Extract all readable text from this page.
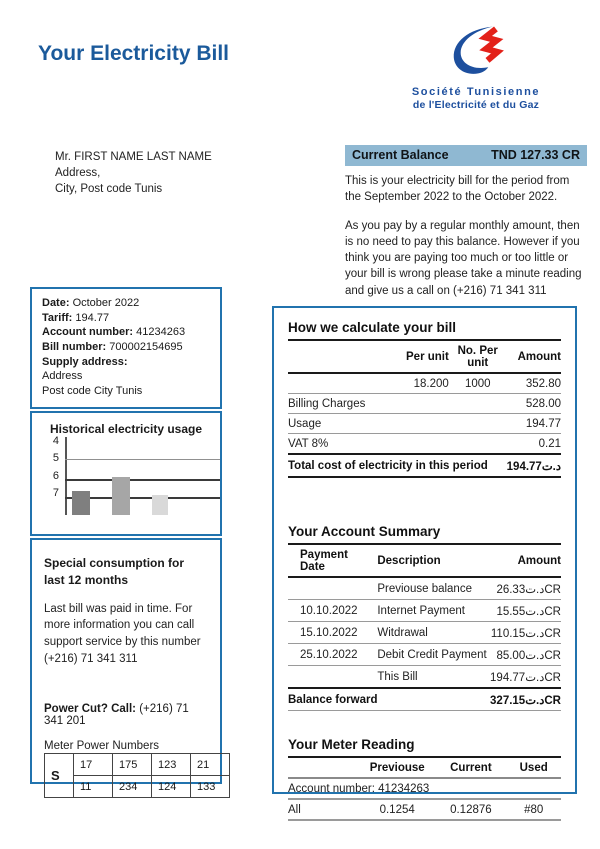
Your Electricity Bill
Société Tunisienne
de l'Electricité et du Gaz
Mr. FIRST NAME LAST NAME
Address,
City, Post code Tunis
Current Balance	TND 127.33 CR

This is your electricity bill for the period from the September 2022 to the October 2022.

As you pay by a regular monthly amount, then is no need to pay this balance. However if you think you are paying too much or too little or your bill is wrong please take a minute reading and give us a call on (+216) 71 341 311

Date: October 2022
Tariff: 194.77
Account number: 41234263
Bill number: 700002154695
Supply address:
Address
Post code City Tunis
Historical electricity usage
4
5
6
7
Special consumption for last 12 months
Last bill was paid in time. For more information you can call support service by this number (+216) 71 341 311
Power Cut? Call: (+216) 71 341 201
Meter Power Numbers
S	17	175	123	21
	11	234	124	133
How we calculate your bill
	Per unit	No. Per unit	Amount
	18.200	1000	352.80
Billing Charges			528.00
Usage			194.77
VAT 8%			0.21
Total cost of electricity in this period			د.ت194.77
Your Account Summary
Payment Date	Description	Amount
	Previouse balance	د.ت26.33CR
10.10.2022	Internet Payment	د.ت15.55CR
15.10.2022	Witdrawal	د.ت110.15CR
25.10.2022	Debit Credit Payment	د.ت85.00CR
	This Bill	د.ت194.77CR
Balance forward		د.ت327.15CR
Your Meter Reading
	Previouse	Current	Used
Account number: 41234263			
All	0.1254	0.12876	#80
